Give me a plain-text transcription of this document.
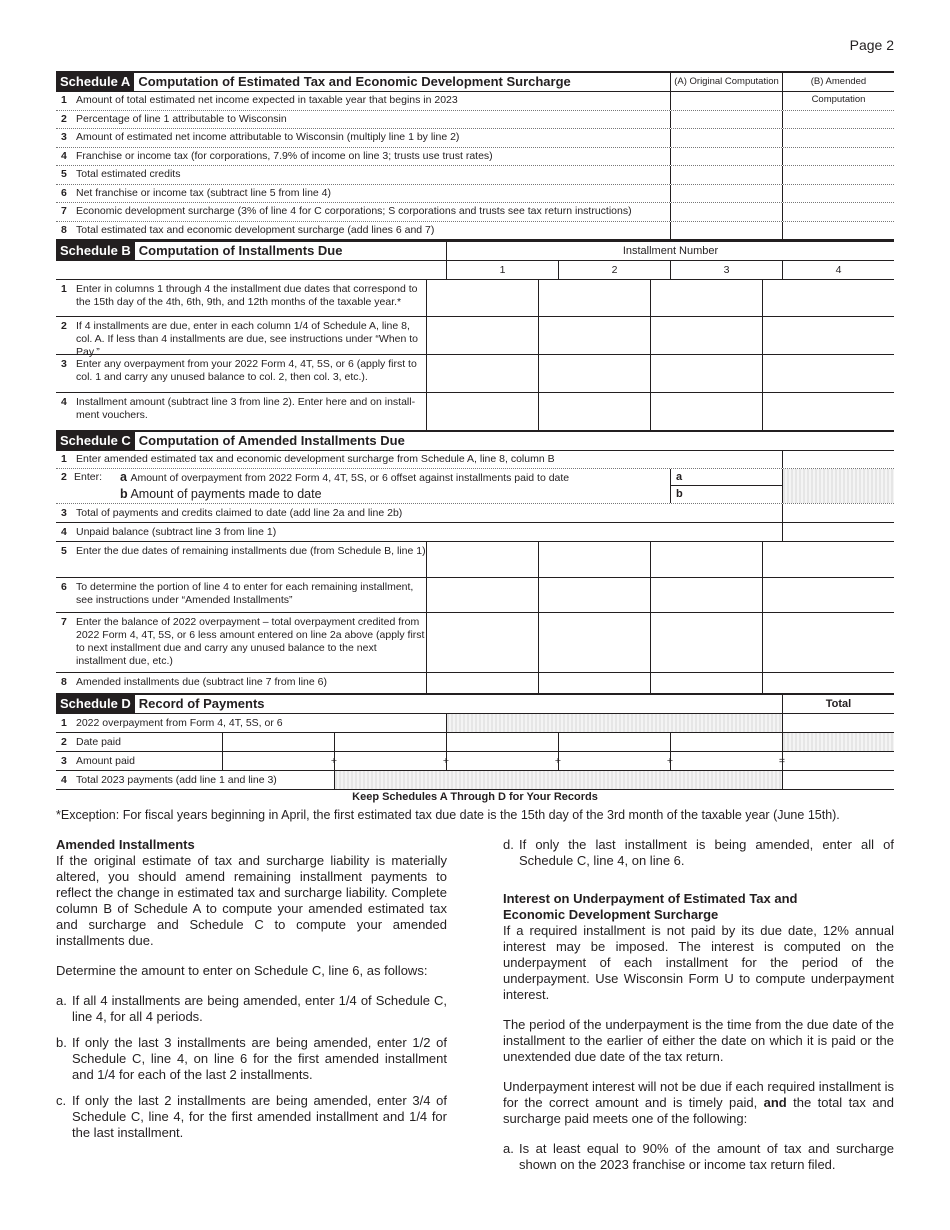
Page 2
Schedule A Computation of Estimated Tax and Economic Development Surcharge	(A) Original Computation	(B) Amended Computation
1 Amount of total estimated net income expected in taxable year that begins in 2023
2 Percentage of line 1 attributable to Wisconsin
3 Amount of estimated net income attributable to Wisconsin (multiply line 1 by line 2)
4 Franchise or income tax (for corporations, 7.9% of income on line 3; trusts use trust rates)
5 Total estimated credits
6 Net franchise or income tax (subtract line 5 from line 4)
7 Economic development surcharge (3% of line 4 for C corporations; S corporations and trusts see tax return instructions)
8 Total estimated tax and economic development surcharge (add lines 6 and 7)
Schedule B Computation of Installments Due	Installment Number
1	2	3	4
1 Enter in columns 1 through 4 the installment due dates that correspond to the 15th day of the 4th, 6th, 9th, and 12th months of the taxable year.*
2 If 4 installments are due, enter in each column 1/4 of Schedule A, line 8, col. A. If less than 4 installments are due, see instructions under “When to Pay.”
3 Enter any overpayment from your 2022 Form 4, 4T, 5S, or 6 (apply first to col. 1 and carry any unused balance to col. 2, then col. 3, etc.).
4 Installment amount (subtract line 3 from line 2). Enter here and on install-ment vouchers.
Schedule C Computation of Amended Installments Due
1 Enter amended estimated tax and economic development surcharge from Schedule A, line 8, column B
2 Enter:	a Amount of overpayment from 2022 Form 4, 4T, 5S, or 6 offset against installments paid to date
b Amount of payments made to date
a
b
3 Total of payments and credits claimed to date (add line 2a and line 2b)
4 Unpaid balance (subtract line 3 from line 1)
5 Enter the due dates of remaining installments due (from Schedule B, line 1)
6 To determine the portion of line 4 to enter for each remaining installment, see instructions under “Amended Installments”
7 Enter the balance of 2022 overpayment – total overpayment credited from 2022 Form 4, 4T, 5S, or 6 less amount entered on line 2a above (apply first to next installment due and carry any unused balance to the next installment due, etc.)
8 Amended installments due (subtract line 7 from line 6)
Schedule D Record of Payments	Total
1 2022 overpayment from Form 4, 4T, 5S, or 6
2 Date paid
3 Amount paid	+	+	+	+	=
4 Total 2023 payments (add line 1 and line 3)
Keep Schedules A Through D for Your Records
*Exception: For fiscal years beginning in April, the first estimated tax due date is the 15th day of the 3rd month of the taxable year (June 15th).
Amended Installments

If the original estimate of tax and surcharge liability is materially altered, you should amend remaining installment payments to reflect the change in estimated tax and surcharge liability. Complete column B of Schedule A to compute your amended estimated tax and surcharge and Schedule C to compute your amended installments due.

Determine the amount to enter on Schedule C, line 6, as follows:

a. If all 4 installments are being amended, enter 1/4 of Schedule C, line 4, for all 4 periods.
b. If only the last 3 installments are being amended, enter 1/2 of Schedule C, line 4, on line 6 for the first amended installment and 1/4 for each of the last 2 installments.
c. If only the last 2 installments are being amended, enter 3/4 of Schedule C, line 4, for the first amended installment and 1/4 for the last installment.
d. If only the last installment is being amended, enter all of Schedule C, line 4, on line 6.
Interest on Underpayment of Estimated Tax and
Economic Development Surcharge

If a required installment is not paid by its due date, 12% annual interest may be imposed. The interest is computed on the underpayment of each installment for the period of the underpayment. Use Wisconsin Form U to compute underpayment interest.

The period of the underpayment is the time from the due date of the installment to the earlier of either the date on which it is paid or the unextended due date of the tax return.

Underpayment interest will not be due if each required installment is for the correct amount and is timely paid, and the total tax and surcharge paid meets one of the following:

a. Is at least equal to 90% of the amount of tax and surcharge shown on the 2023 franchise or income tax return filed.
